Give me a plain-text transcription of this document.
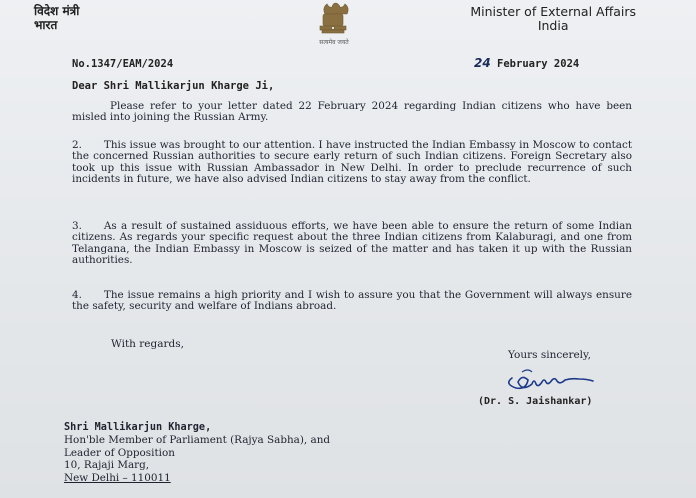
विदेश मंत्री
भारत
सत्यमेव जयते
Minister of External Affairs
India
No.1347/EAM/2024	24 February 2024
Dear Shri Mallikarjun Kharge Ji,
Please refer to your letter dated 22 February 2024 regarding Indian citizens who have been misled into joining the Russian Army.
2. This issue was brought to our attention. I have instructed the Indian Embassy in Moscow to contact the concerned Russian authorities to secure early return of such Indian citizens. Foreign Secretary also took up this issue with Russian Ambassador in New Delhi. In order to preclude recurrence of such incidents in future, we have also advised Indian citizens to stay away from the conflict.
3. As a result of sustained assiduous efforts, we have been able to ensure the return of some Indian citizens. As regards your specific request about the three Indian citizens from Kalaburagi, and one from Telangana, the Indian Embassy in Moscow is seized of the matter and has taken it up with the Russian authorities.
4. The issue remains a high priority and I wish to assure you that the Government will always ensure the safety, security and welfare of Indians abroad.
With regards,
Yours sincerely,
(Dr. S. Jaishankar)
Shri Mallikarjun Kharge,
Hon'ble Member of Parliament (Rajya Sabha), and
Leader of Opposition
10, Rajaji Marg,
New Delhi – 110011
